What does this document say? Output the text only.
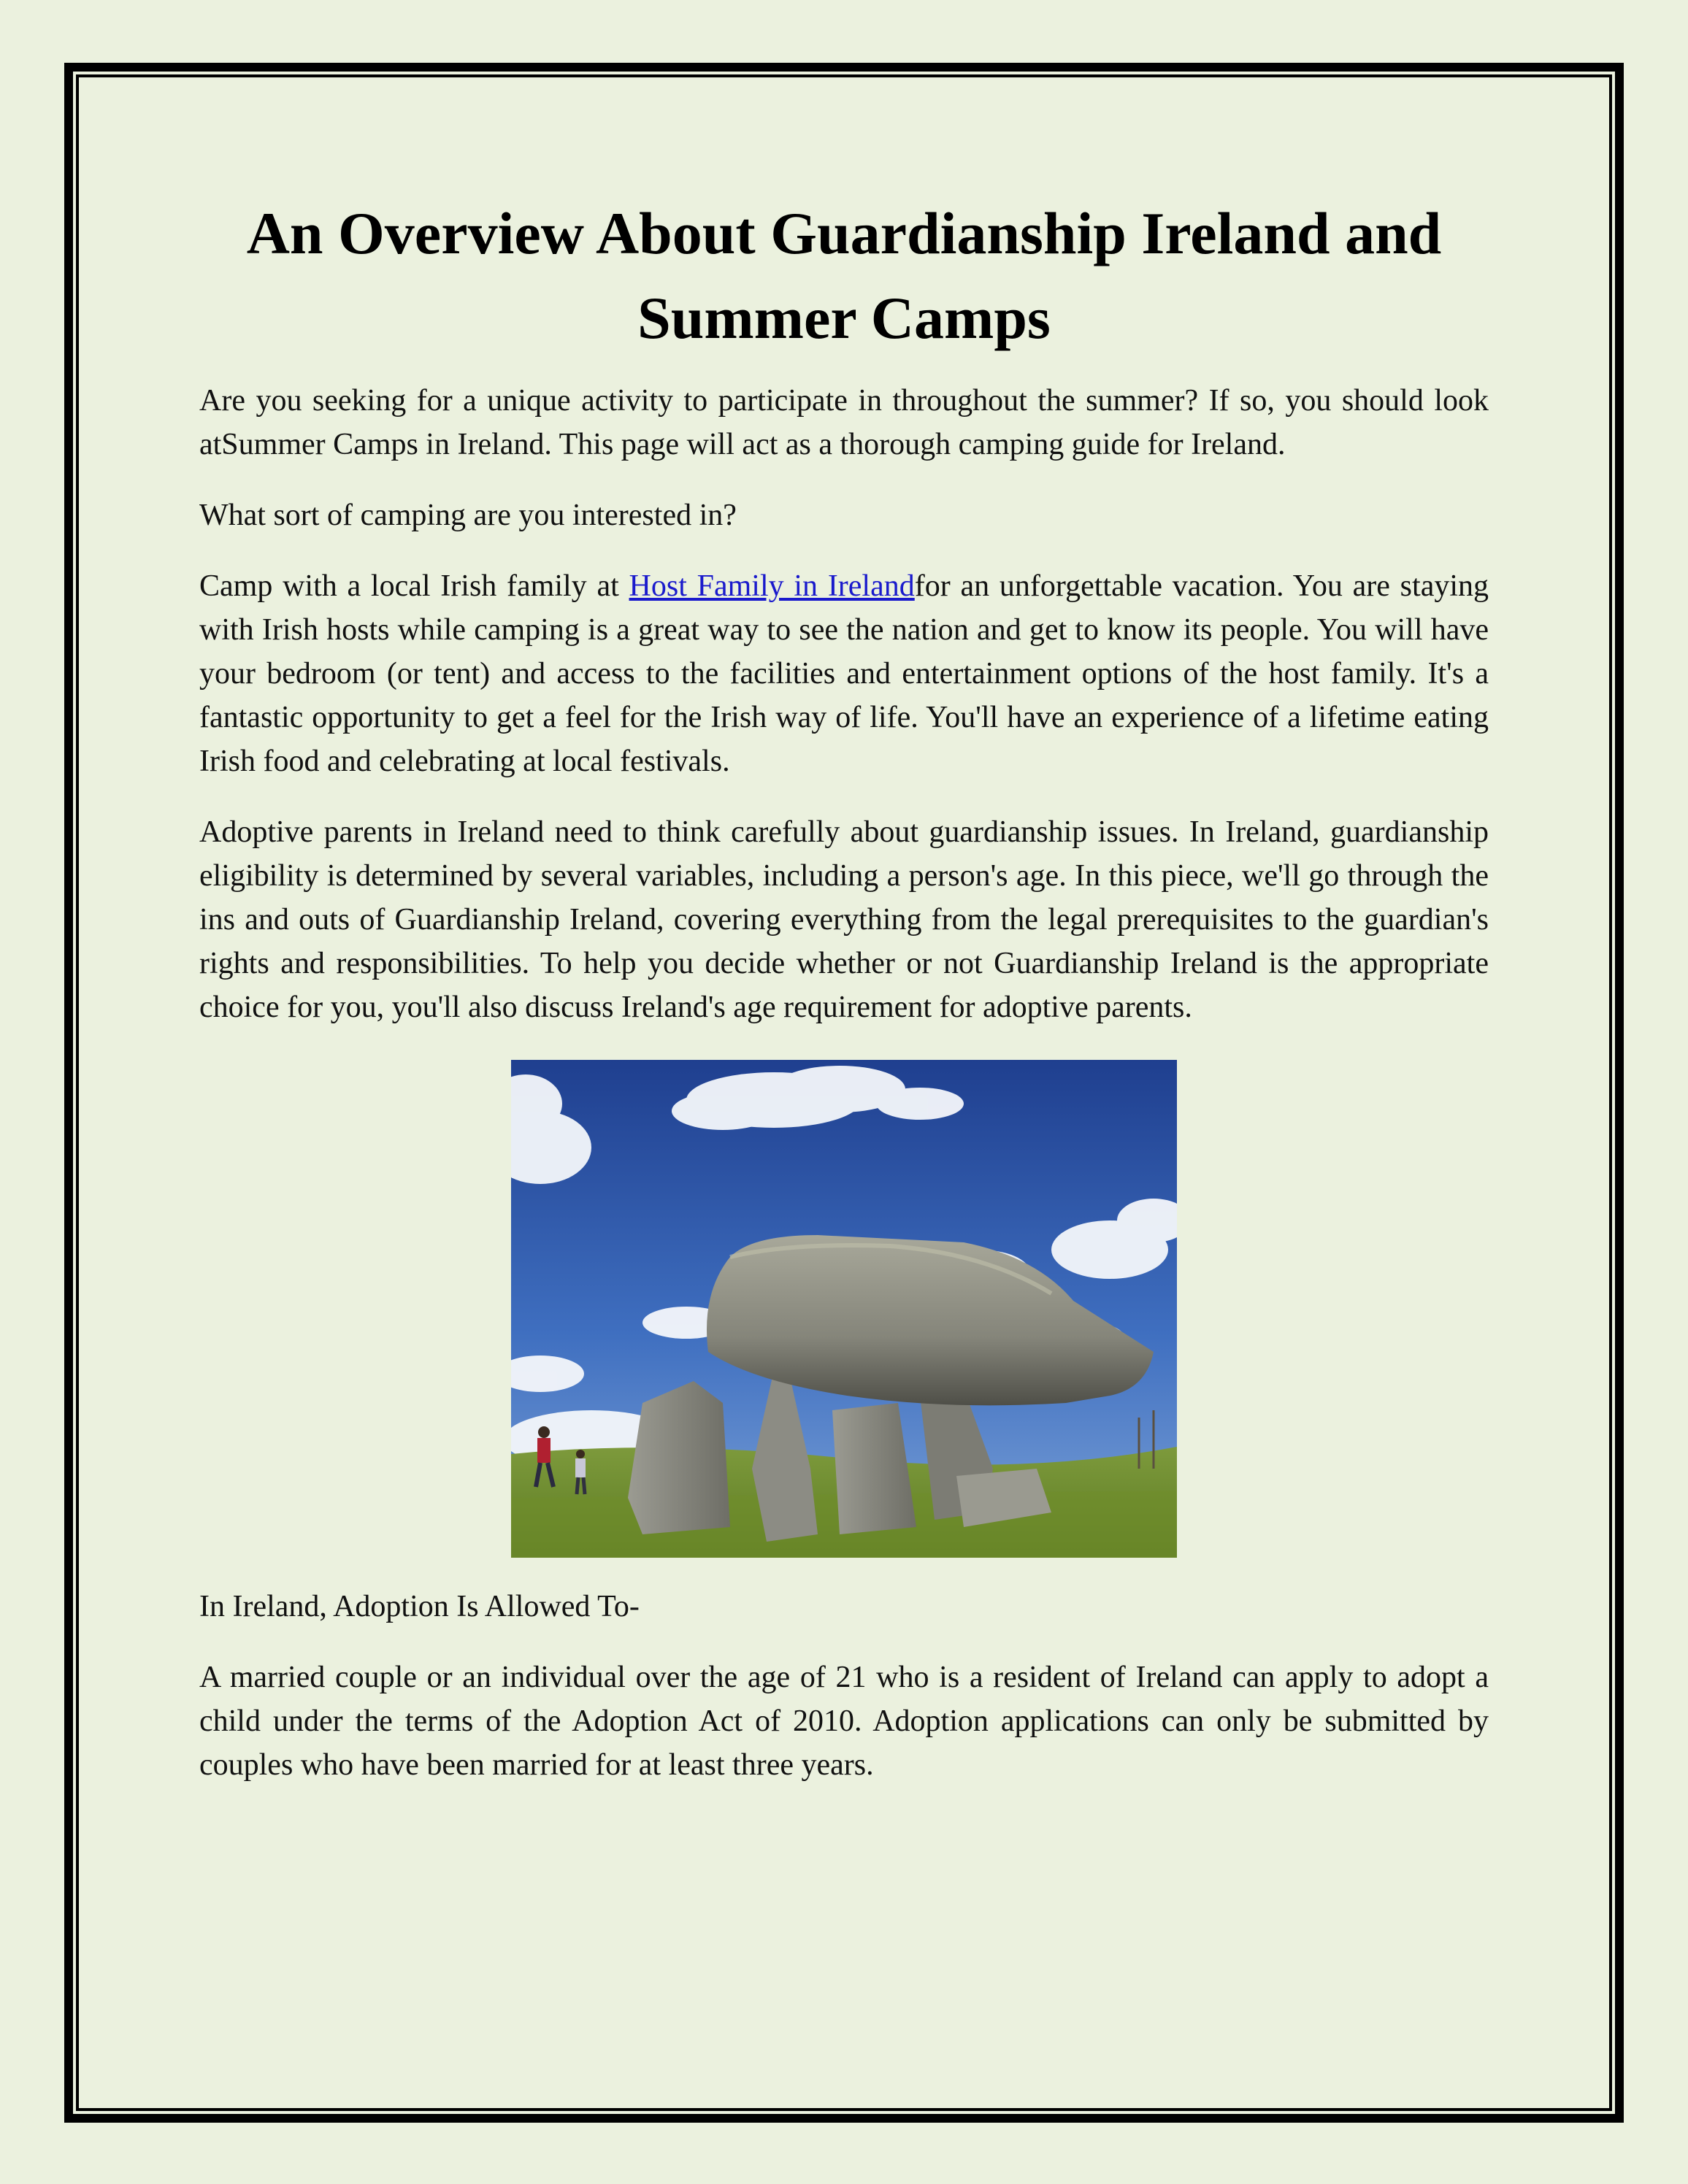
An Overview About Guardianship Ireland and Summer Camps

Are you seeking for a unique activity to participate in throughout the summer? If so, you should look atSummer Camps in Ireland. This page will act as a thorough camping guide for Ireland.

What sort of camping are you interested in?

Camp with a local Irish family at Host Family in Irelandfor an unforgettable vacation. You are staying with Irish hosts while camping is a great way to see the nation and get to know its people. You will have your bedroom (or tent) and access to the facilities and entertainment options of the host family. It's a fantastic opportunity to get a feel for the Irish way of life. You'll have an experience of a lifetime eating Irish food and celebrating at local festivals.

Adoptive parents in Ireland need to think carefully about guardianship issues. In Ireland, guardianship eligibility is determined by several variables, including a person's age. In this piece, we'll go through the ins and outs of Guardianship Ireland, covering everything from the legal prerequisites to the guardian's rights and responsibilities. To help you decide whether or not Guardianship Ireland is the appropriate choice for you, you'll also discuss Ireland's age requirement for adoptive parents.

In Ireland, Adoption Is Allowed To-

A married couple or an individual over the age of 21 who is a resident of Ireland can apply to adopt a child under the terms of the Adoption Act of 2010. Adoption applications can only be submitted by couples who have been married for at least three years.
